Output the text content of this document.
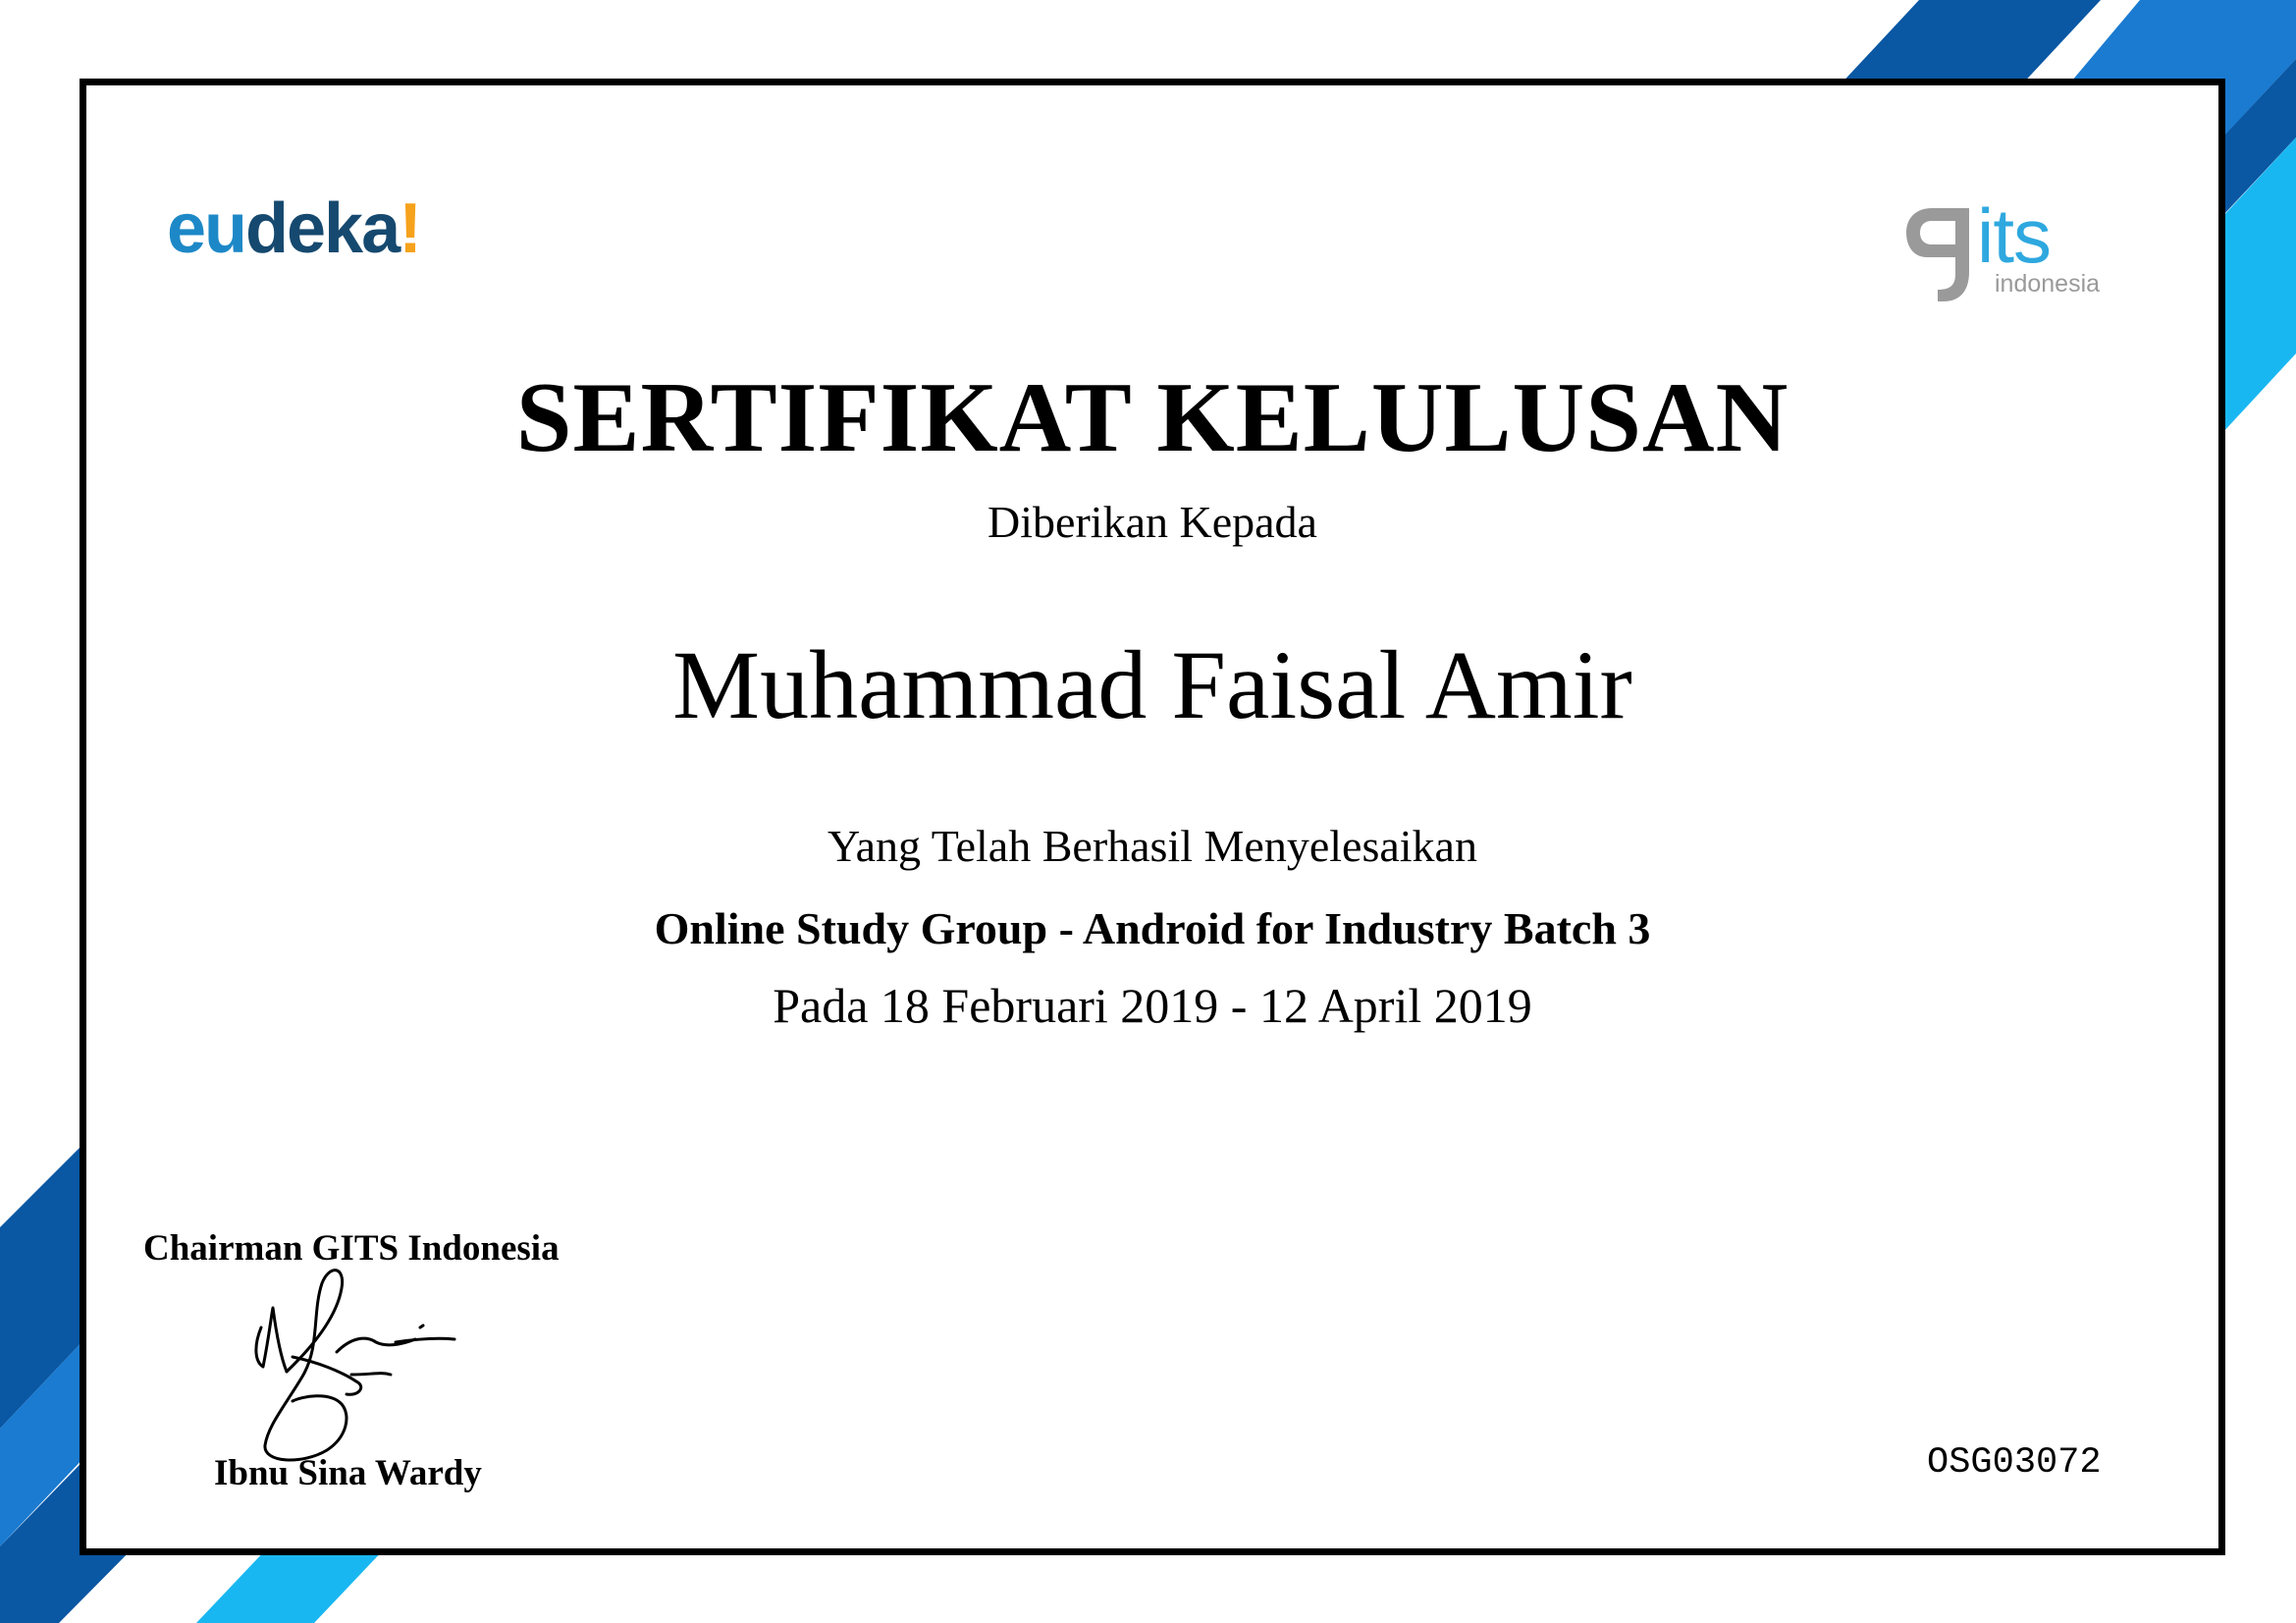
eudeka!	its
indonesia
SERTIFIKAT KELULUSAN
Diberikan Kepada
Muhammad Faisal Amir
Yang Telah Berhasil Menyelesaikan
Online Study Group - Android for Industry Batch 3
Pada 18 Februari 2019 - 12 April 2019
Chairman GITS Indonesia
Ibnu Sina Wardy	OSG03072
